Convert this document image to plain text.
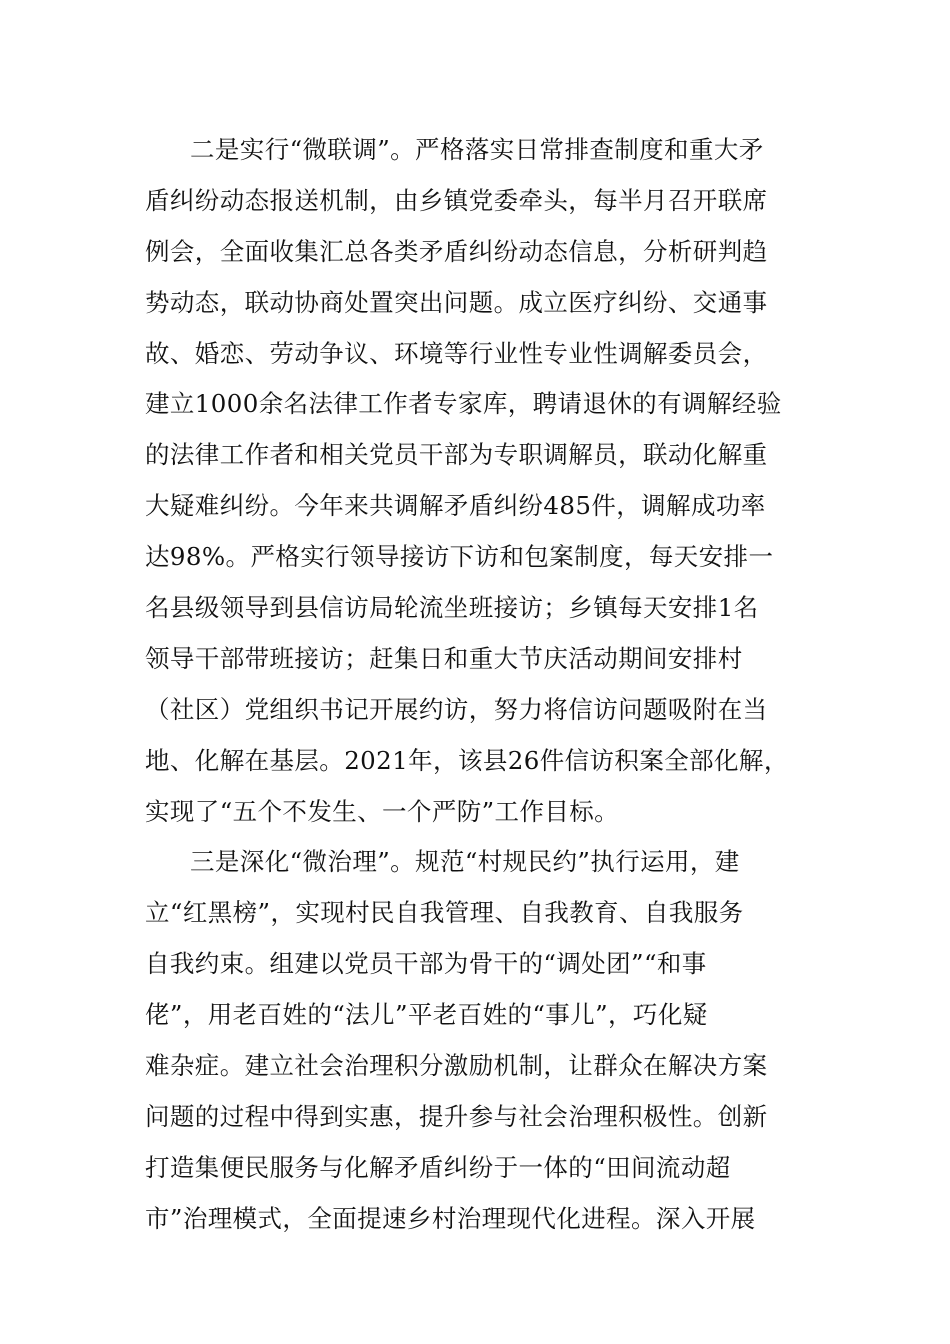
二是实行“微联调”。严格落实日常排查制度和重大矛
盾纠纷动态报送机制，由乡镇党委牵头，每半月召开联席
例会，全面收集汇总各类矛盾纠纷动态信息，分析研判趋
势动态，联动协商处置突出问题。成立医疗纠纷、交通事
故、婚恋、劳动争议、环境等行业性专业性调解委员会，
建立1000余名法律工作者专家库，聘请退休的有调解经验
的法律工作者和相关党员干部为专职调解员，联动化解重
大疑难纠纷。今年来共调解矛盾纠纷485件，调解成功率
达98%。严格实行领导接访下访和包案制度，每天安排一
名县级领导到县信访局轮流坐班接访；乡镇每天安排1名
领导干部带班接访；赶集日和重大节庆活动期间安排村
（社区）党组织书记开展约访，努力将信访问题吸附在当
地、化解在基层。2021年，该县26件信访积案全部化解，
实现了“五个不发生、一个严防”工作目标。
三是深化“微治理”。规范“村规民约”执行运用，建
立“红黑榜”，实现村民自我管理、自我教育、自我服务
自我约束。组建以党员干部为骨干的“调处团”“和事
佬”，用老百姓的“法儿”平老百姓的“事儿”，巧化疑
难杂症。建立社会治理积分激励机制，让群众在解决方案
问题的过程中得到实惠，提升参与社会治理积极性。创新
打造集便民服务与化解矛盾纠纷于一体的“田间流动超
市”治理模式，全面提速乡村治理现代化进程。深入开展
